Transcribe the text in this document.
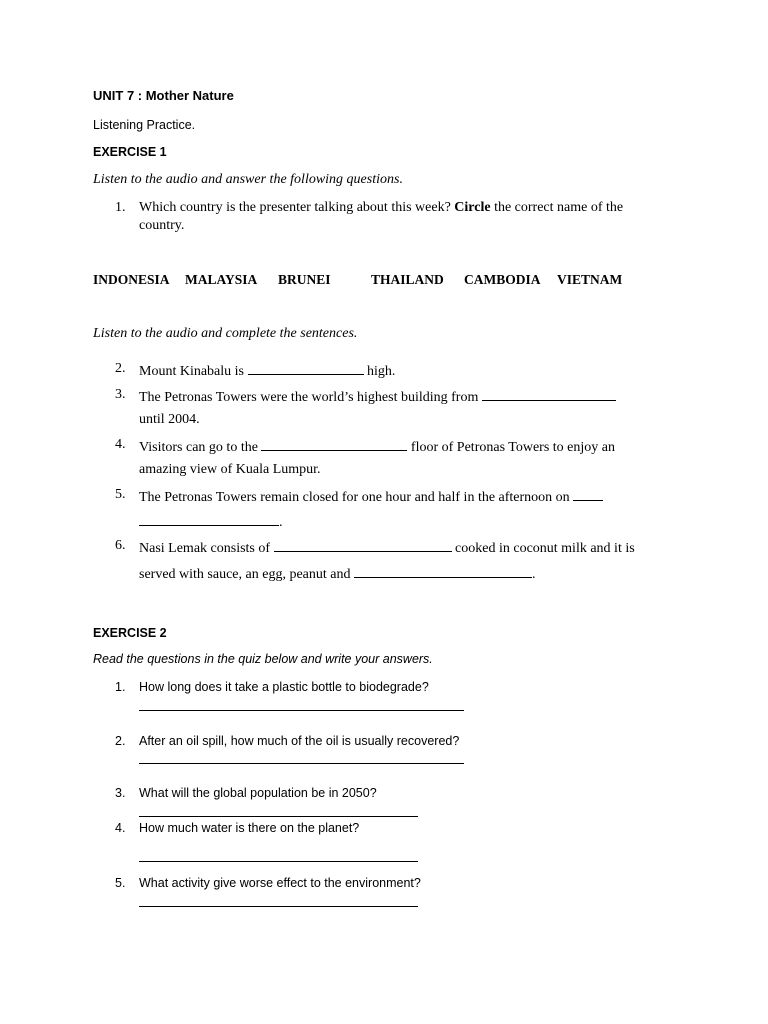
UNIT 7 : Mother Nature
Listening Practice.
EXERCISE 1
Listen to the audio and answer the following questions.
1. Which country is the presenter talking about this week? Circle the correct name of the
country.
INDONESIA MALAYSIA BRUNEI	THAILAND CAMBODIA VIETNAM
Listen to the audio and complete the sentences.
2. Mount Kinabalu is	high.
3. The Petronas Towers were the world’s highest building from
until 2004.
4. Visitors can go to the	floor of Petronas Towers to enjoy an
amazing view of Kuala Lumpur.
5. The Petronas Towers remain closed for one hour and half in the afternoon on
.
6. Nasi Lemak consists of	cooked in coconut milk and it is
served with sauce, an egg, peanut and	.
EXERCISE 2
Read the questions in the quiz below and write your answers.
1. How long does it take a plastic bottle to biodegrade?
2. After an oil spill, how much of the oil is usually recovered?
3. What will the global population be in 2050?
4. How much water is there on the planet?
5. What activity give worse effect to the environment?
